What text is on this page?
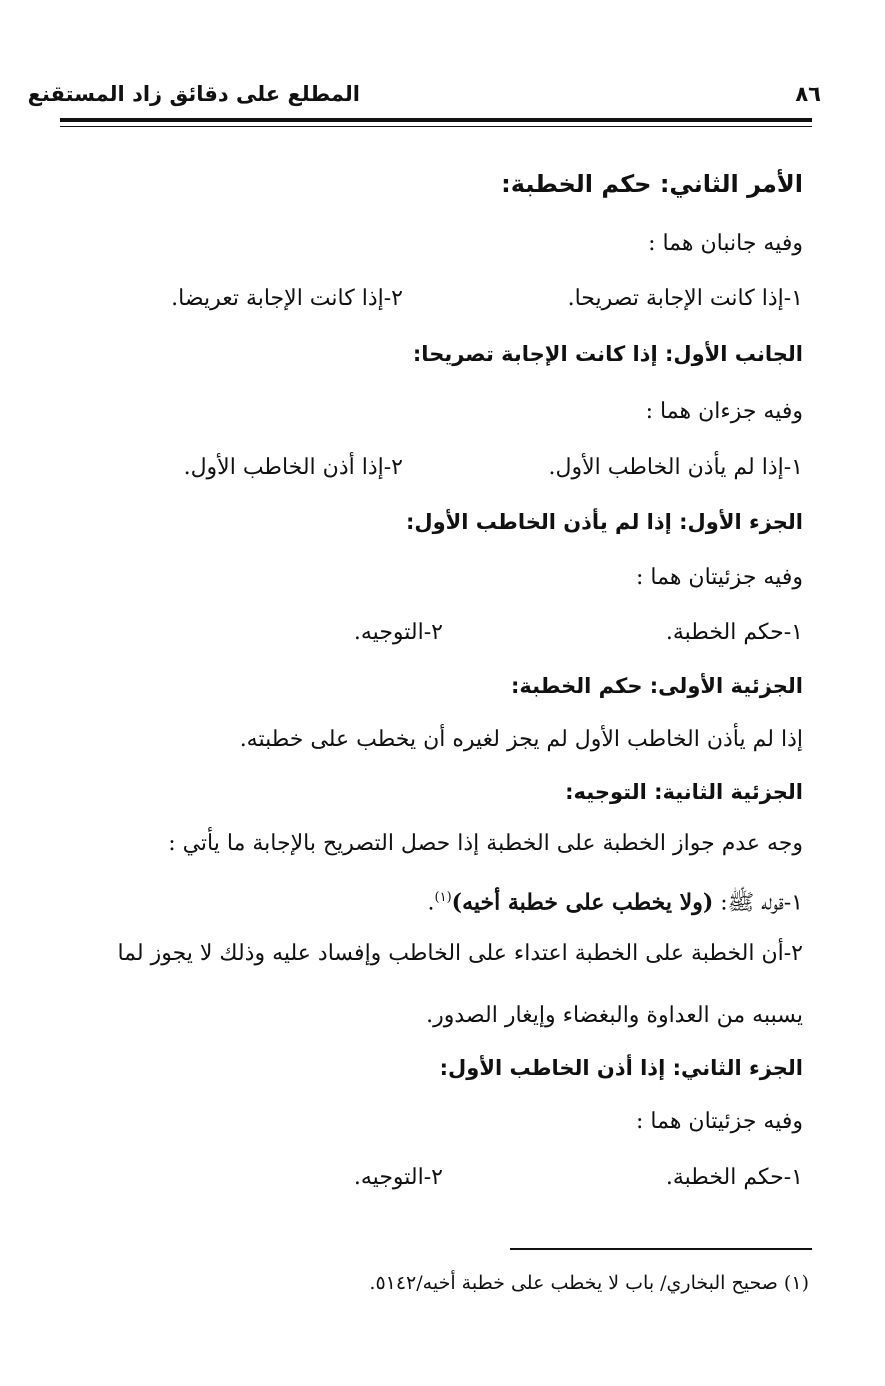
المطلع على دقائق زاد المستقنع	٨٦
الأمر الثاني: حكم الخطبة:
وفيه جانبان هما :
١-إذا كانت الإجابة تصريحا.
٢-إذا كانت الإجابة تعريضا.
الجانب الأول: إذا كانت الإجابة تصريحا:
وفيه جزءان هما :
١-إذا لم يأذن الخاطب الأول.
٢-إذا أذن الخاطب الأول.
الجزء الأول: إذا لم يأذن الخاطب الأول:
وفيه جزئيتان هما :
١-حكم الخطبة.
٢-التوجيه.
الجزئية الأولى: حكم الخطبة:
إذا لم يأذن الخاطب الأول لم يجز لغيره أن يخطب على خطبته.
الجزئية الثانية: التوجيه:
وجه عدم جواز الخطبة على الخطبة إذا حصل التصريح بالإجابة ما يأتي :
١-قوله ﷺ: (ولا يخطب على خطبة أخيه)$^{(١)}$.
٢-أن الخطبة على الخطبة اعتداء على الخاطب وإفساد عليه وذلك لا يجوز لما
يسببه من العداوة والبغضاء وإيغار الصدور.
الجزء الثاني: إذا أذن الخاطب الأول:
وفيه جزئيتان هما :
١-حكم الخطبة.
٢-التوجيه.
(١) صحيح البخاري/ باب لا يخطب على خطبة أخيه/٥١٤٢.
